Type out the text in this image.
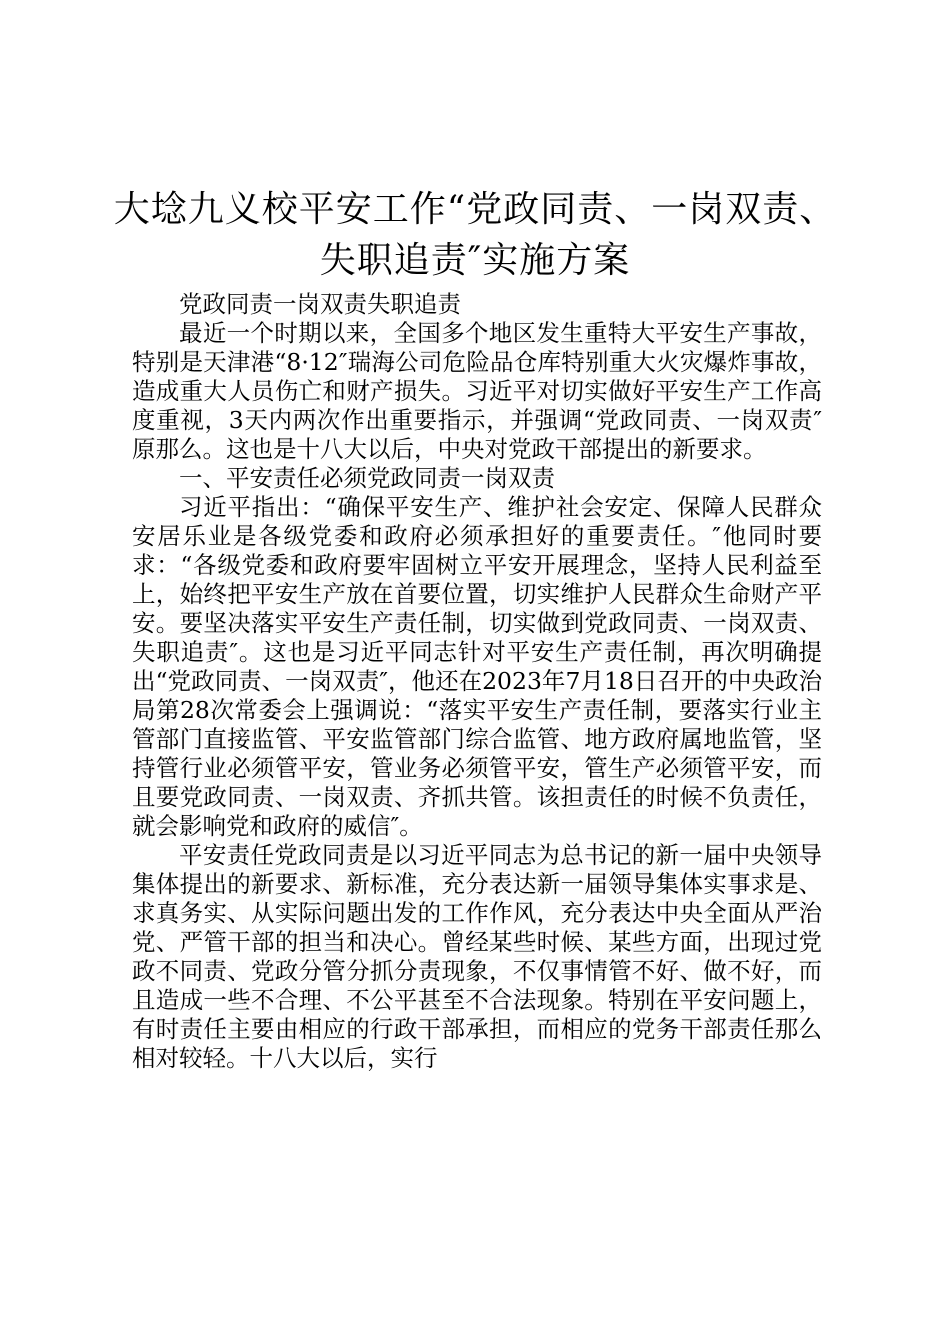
大埝九义校平安工作“党政同责、一岗双责、
失职追责″实施方案

党政同责一岗双责失职追责

最近一个时期以来，全国多个地区发生重特大平安生产事故，特别是天津港“8·12″瑞海公司危险品仓库特别重大火灾爆炸事故，造成重大人员伤亡和财产损失。习近平对切实做好平安生产工作高度重视，3天内两次作出重要指示，并强调“党政同责、一岗双责″原那么。这也是十八大以后，中央对党政干部提出的新要求。

一、平安责任必须党政同责一岗双责

习近平指出：“确保平安生产、维护社会安定、保障人民群众安居乐业是各级党委和政府必须承担好的重要责任。″他同时要求：“各级党委和政府要牢固树立平安开展理念，坚持人民利益至上，始终把平安生产放在首要位置，切实维护人民群众生命财产平安。要坚决落实平安生产责任制，切实做到党政同责、一岗双责、失职追责″。这也是习近平同志针对平安生产责任制，再次明确提出“党政同责、一岗双责″，他还在2023年7月18日召开的中央政治局第28次常委会上强调说：“落实平安生产责任制，要落实行业主管部门直接监管、平安监管部门综合监管、地方政府属地监管，坚持管行业必须管平安，管业务必须管平安，管生产必须管平安，而且要党政同责、一岗双责、齐抓共管。该担责任的时候不负责任，就会影响党和政府的威信″。

平安责任党政同责是以习近平同志为总书记的新一届中央领导集体提出的新要求、新标准，充分表达新一届领导集体实事求是、求真务实、从实际问题出发的工作作风，充分表达中央全面从严治党、严管干部的担当和决心。曾经某些时候、某些方面，出现过党政不同责、党政分管分抓分责现象，不仅事情管不好、做不好，而且造成一些不合理、不公平甚至不合法现象。特别在平安问题上，有时责任主要由相应的行政干部承担，而相应的党务干部责任那么相对较轻。十八大以后，实行
